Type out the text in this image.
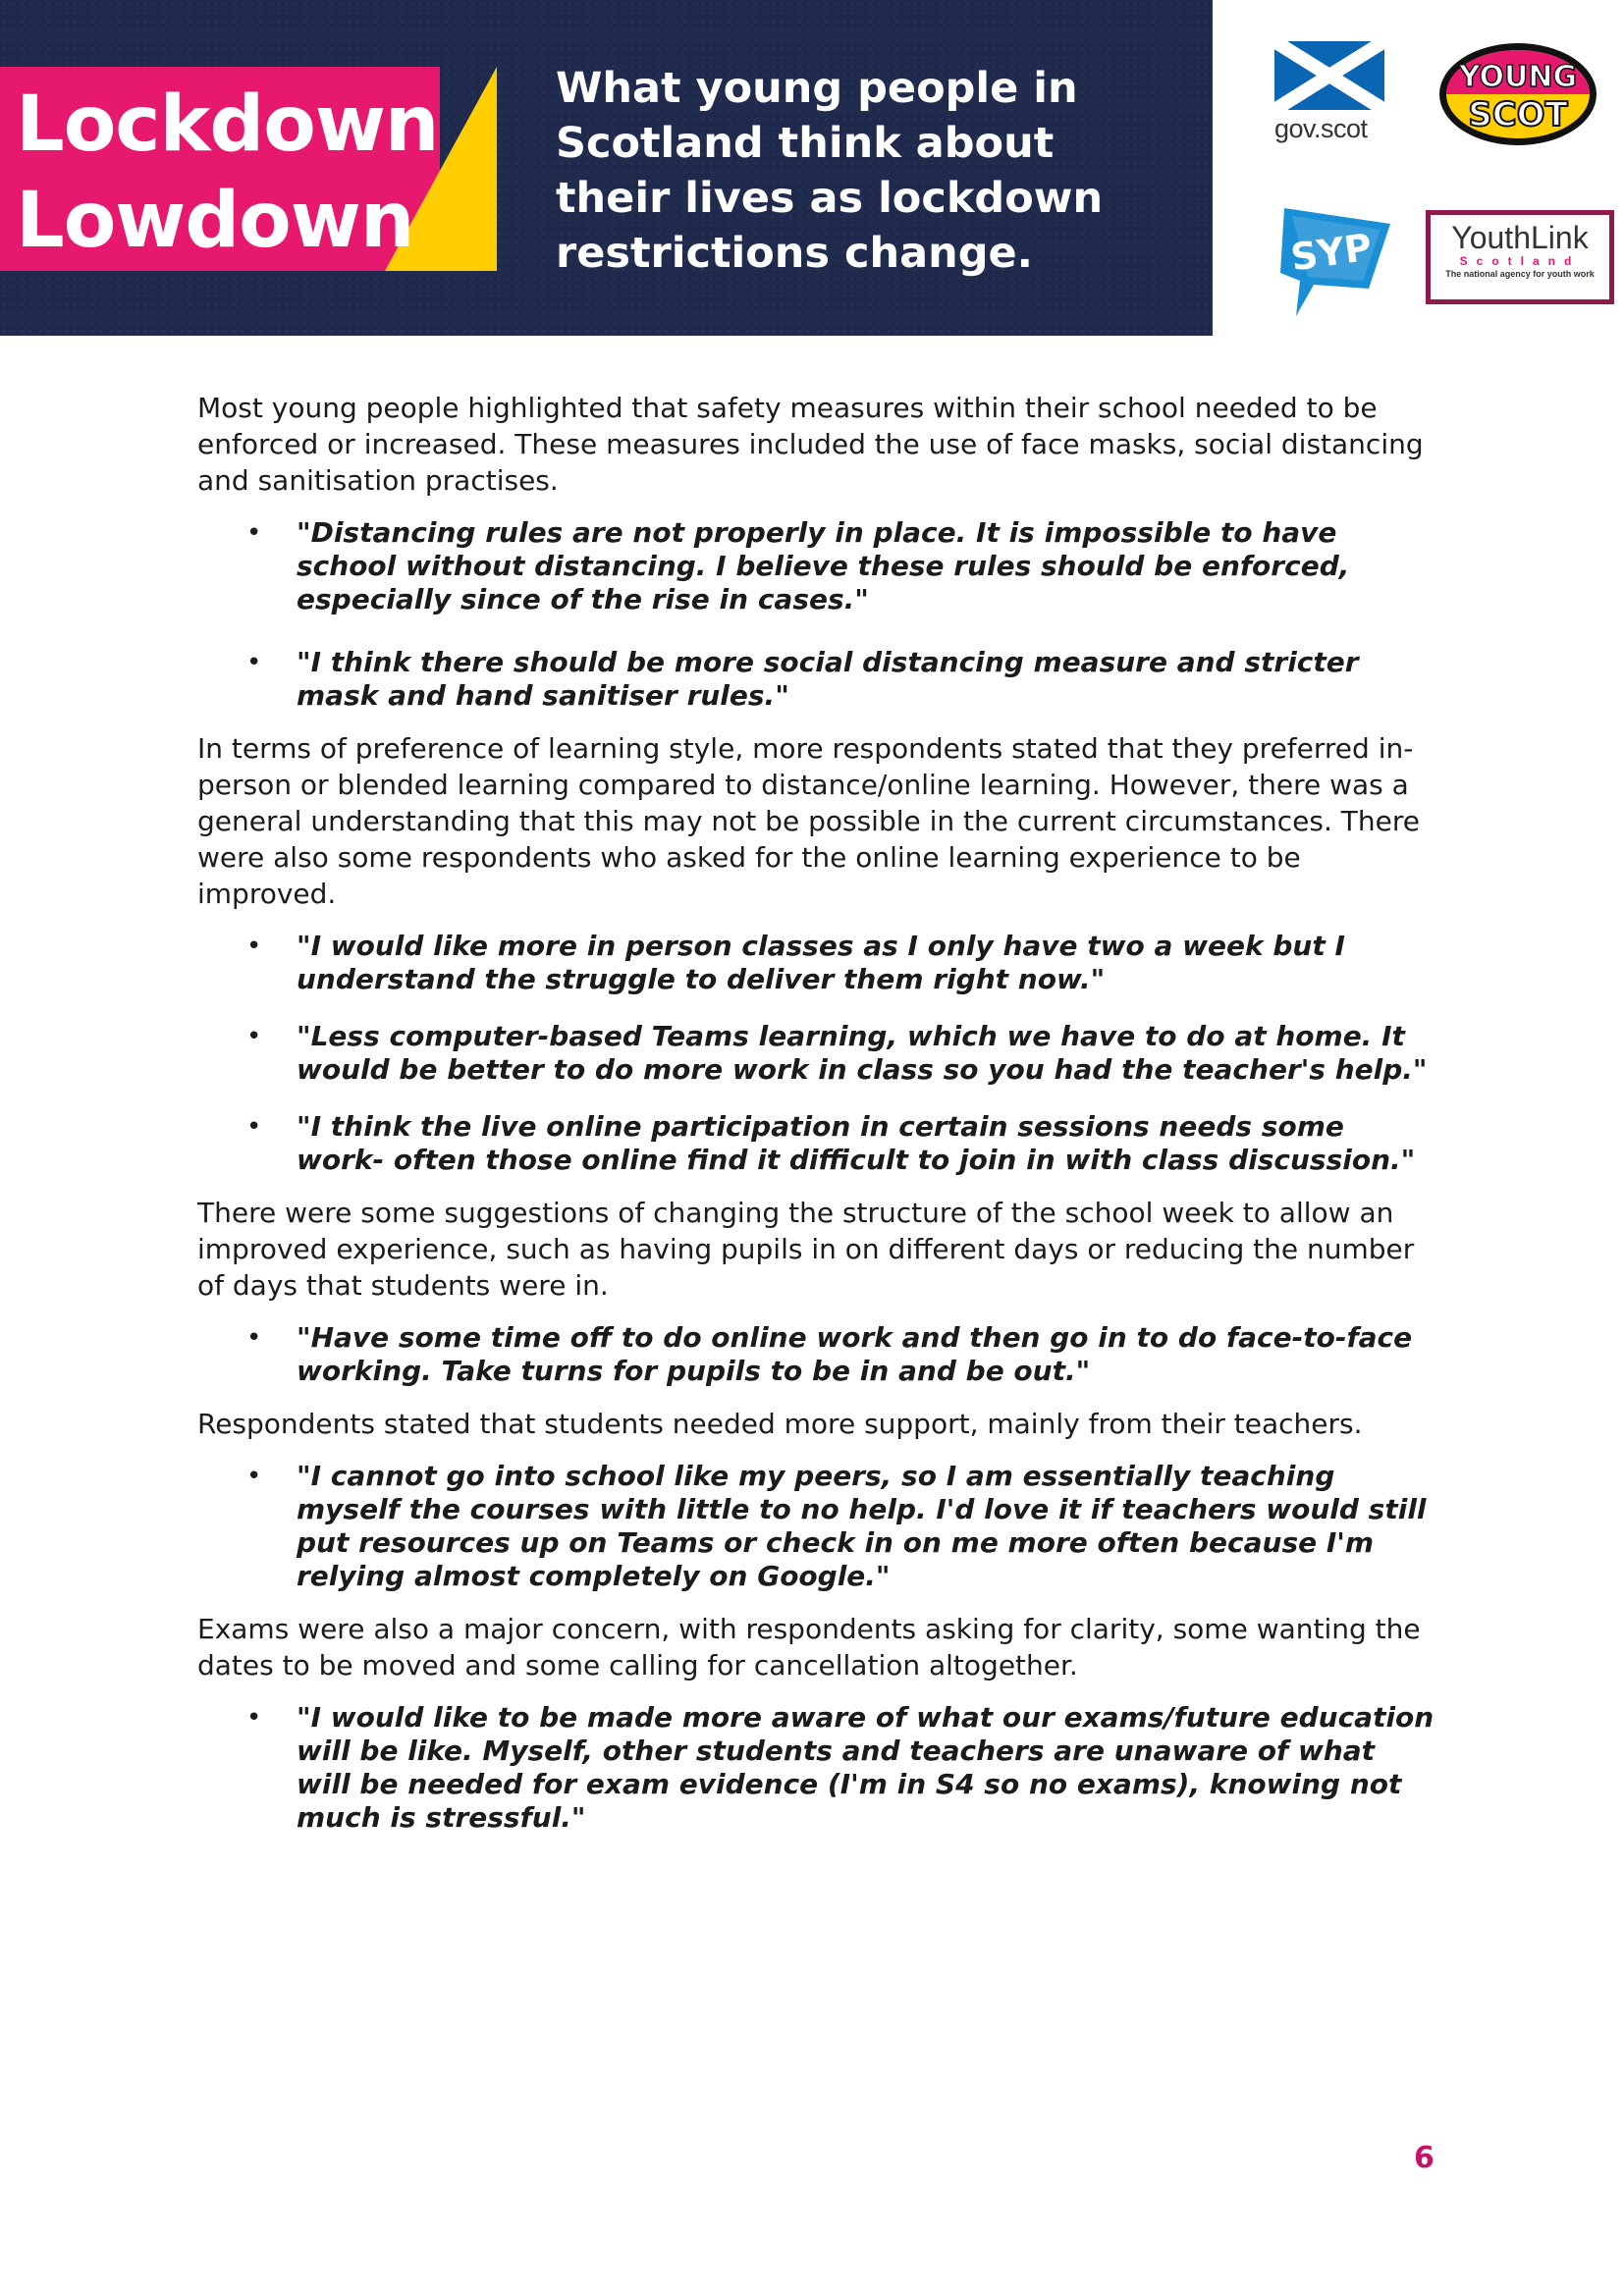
Lockdown
Lowdown

What young people in
Scotland think about
their lives as lockdown
restrictions change.

gov.scot
YOUNG
SCOT
SYP	YouthLink
Scotland
The national agency for youth work

Most young people highlighted that safety measures within their school needed to be enforced or increased. These measures included the use of face masks, social distancing and sanitisation practises.

• "Distancing rules are not properly in place. It is impossible to have school without distancing. I believe these rules should be enforced, especially since of the rise in cases."
• "I think there should be more social distancing measure and stricter mask and hand sanitiser rules."

In terms of preference of learning style, more respondents stated that they preferred in-person or blended learning compared to distance/online learning. However, there was a general understanding that this may not be possible in the current circumstances. There were also some respondents who asked for the online learning experience to be improved.

• "I would like more in person classes as I only have two a week but I understand the struggle to deliver them right now."
• "Less computer-based Teams learning, which we have to do at home. It would be better to do more work in class so you had the teacher's help."
• "I think the live online participation in certain sessions needs some work- often those online find it difficult to join in with class discussion."

There were some suggestions of changing the structure of the school week to allow an improved experience, such as having pupils in on different days or reducing the number of days that students were in.

• "Have some time off to do online work and then go in to do face-to-face working. Take turns for pupils to be in and be out."

Respondents stated that students needed more support, mainly from their teachers.

• "I cannot go into school like my peers, so I am essentially teaching myself the courses with little to no help. I'd love it if teachers would still put resources up on Teams or check in on me more often because I'm relying almost completely on Google."

Exams were also a major concern, with respondents asking for clarity, some wanting the dates to be moved and some calling for cancellation altogether.

• "I would like to be made more aware of what our exams/future education will be like. Myself, other students and teachers are unaware of what will be needed for exam evidence (I'm in S4 so no exams), knowing not much is stressful."
6
